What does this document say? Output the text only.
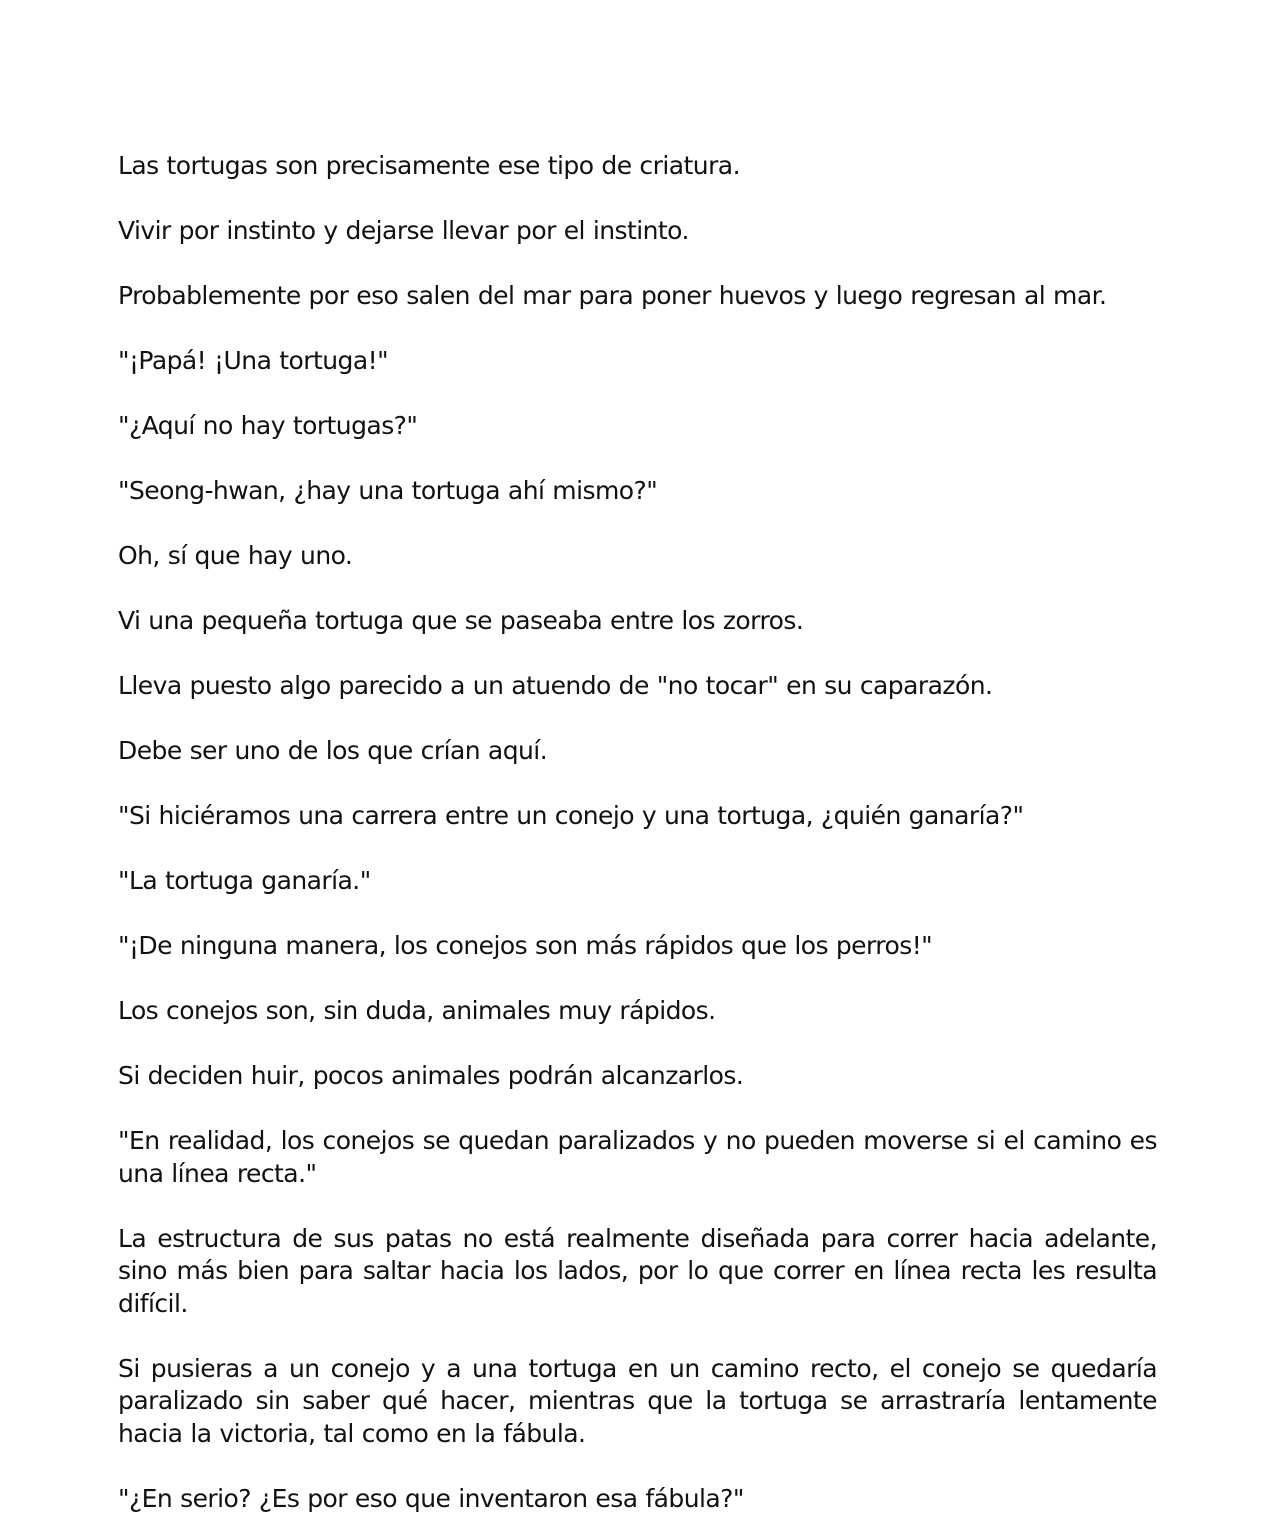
Las tortugas son precisamente ese tipo de criatura.

Vivir por instinto y dejarse llevar por el instinto.

Probablemente por eso salen del mar para poner huevos y luego regresan al mar.

"¡Papá! ¡Una tortuga!"

"¿Aquí no hay tortugas?"

"Seong-hwan, ¿hay una tortuga ahí mismo?"

Oh, sí que hay uno.

Vi una pequeña tortuga que se paseaba entre los zorros.

Lleva puesto algo parecido a un atuendo de "no tocar" en su caparazón.

Debe ser uno de los que crían aquí.

"Si hiciéramos una carrera entre un conejo y una tortuga, ¿quién ganaría?"

"La tortuga ganaría."

"¡De ninguna manera, los conejos son más rápidos que los perros!"

Los conejos son, sin duda, animales muy rápidos.

Si deciden huir, pocos animales podrán alcanzarlos.

"En realidad, los conejos se quedan paralizados y no pueden moverse si el camino es una línea recta."

La estructura de sus patas no está realmente diseñada para correr hacia adelante, sino más bien para saltar hacia los lados, por lo que correr en línea recta les resulta difícil.

Si pusieras a un conejo y a una tortuga en un camino recto, el conejo se quedaría paralizado sin saber qué hacer, mientras que la tortuga se arrastraría lentamente hacia la victoria, tal como en la fábula.

"¿En serio? ¿Es por eso que inventaron esa fábula?"
